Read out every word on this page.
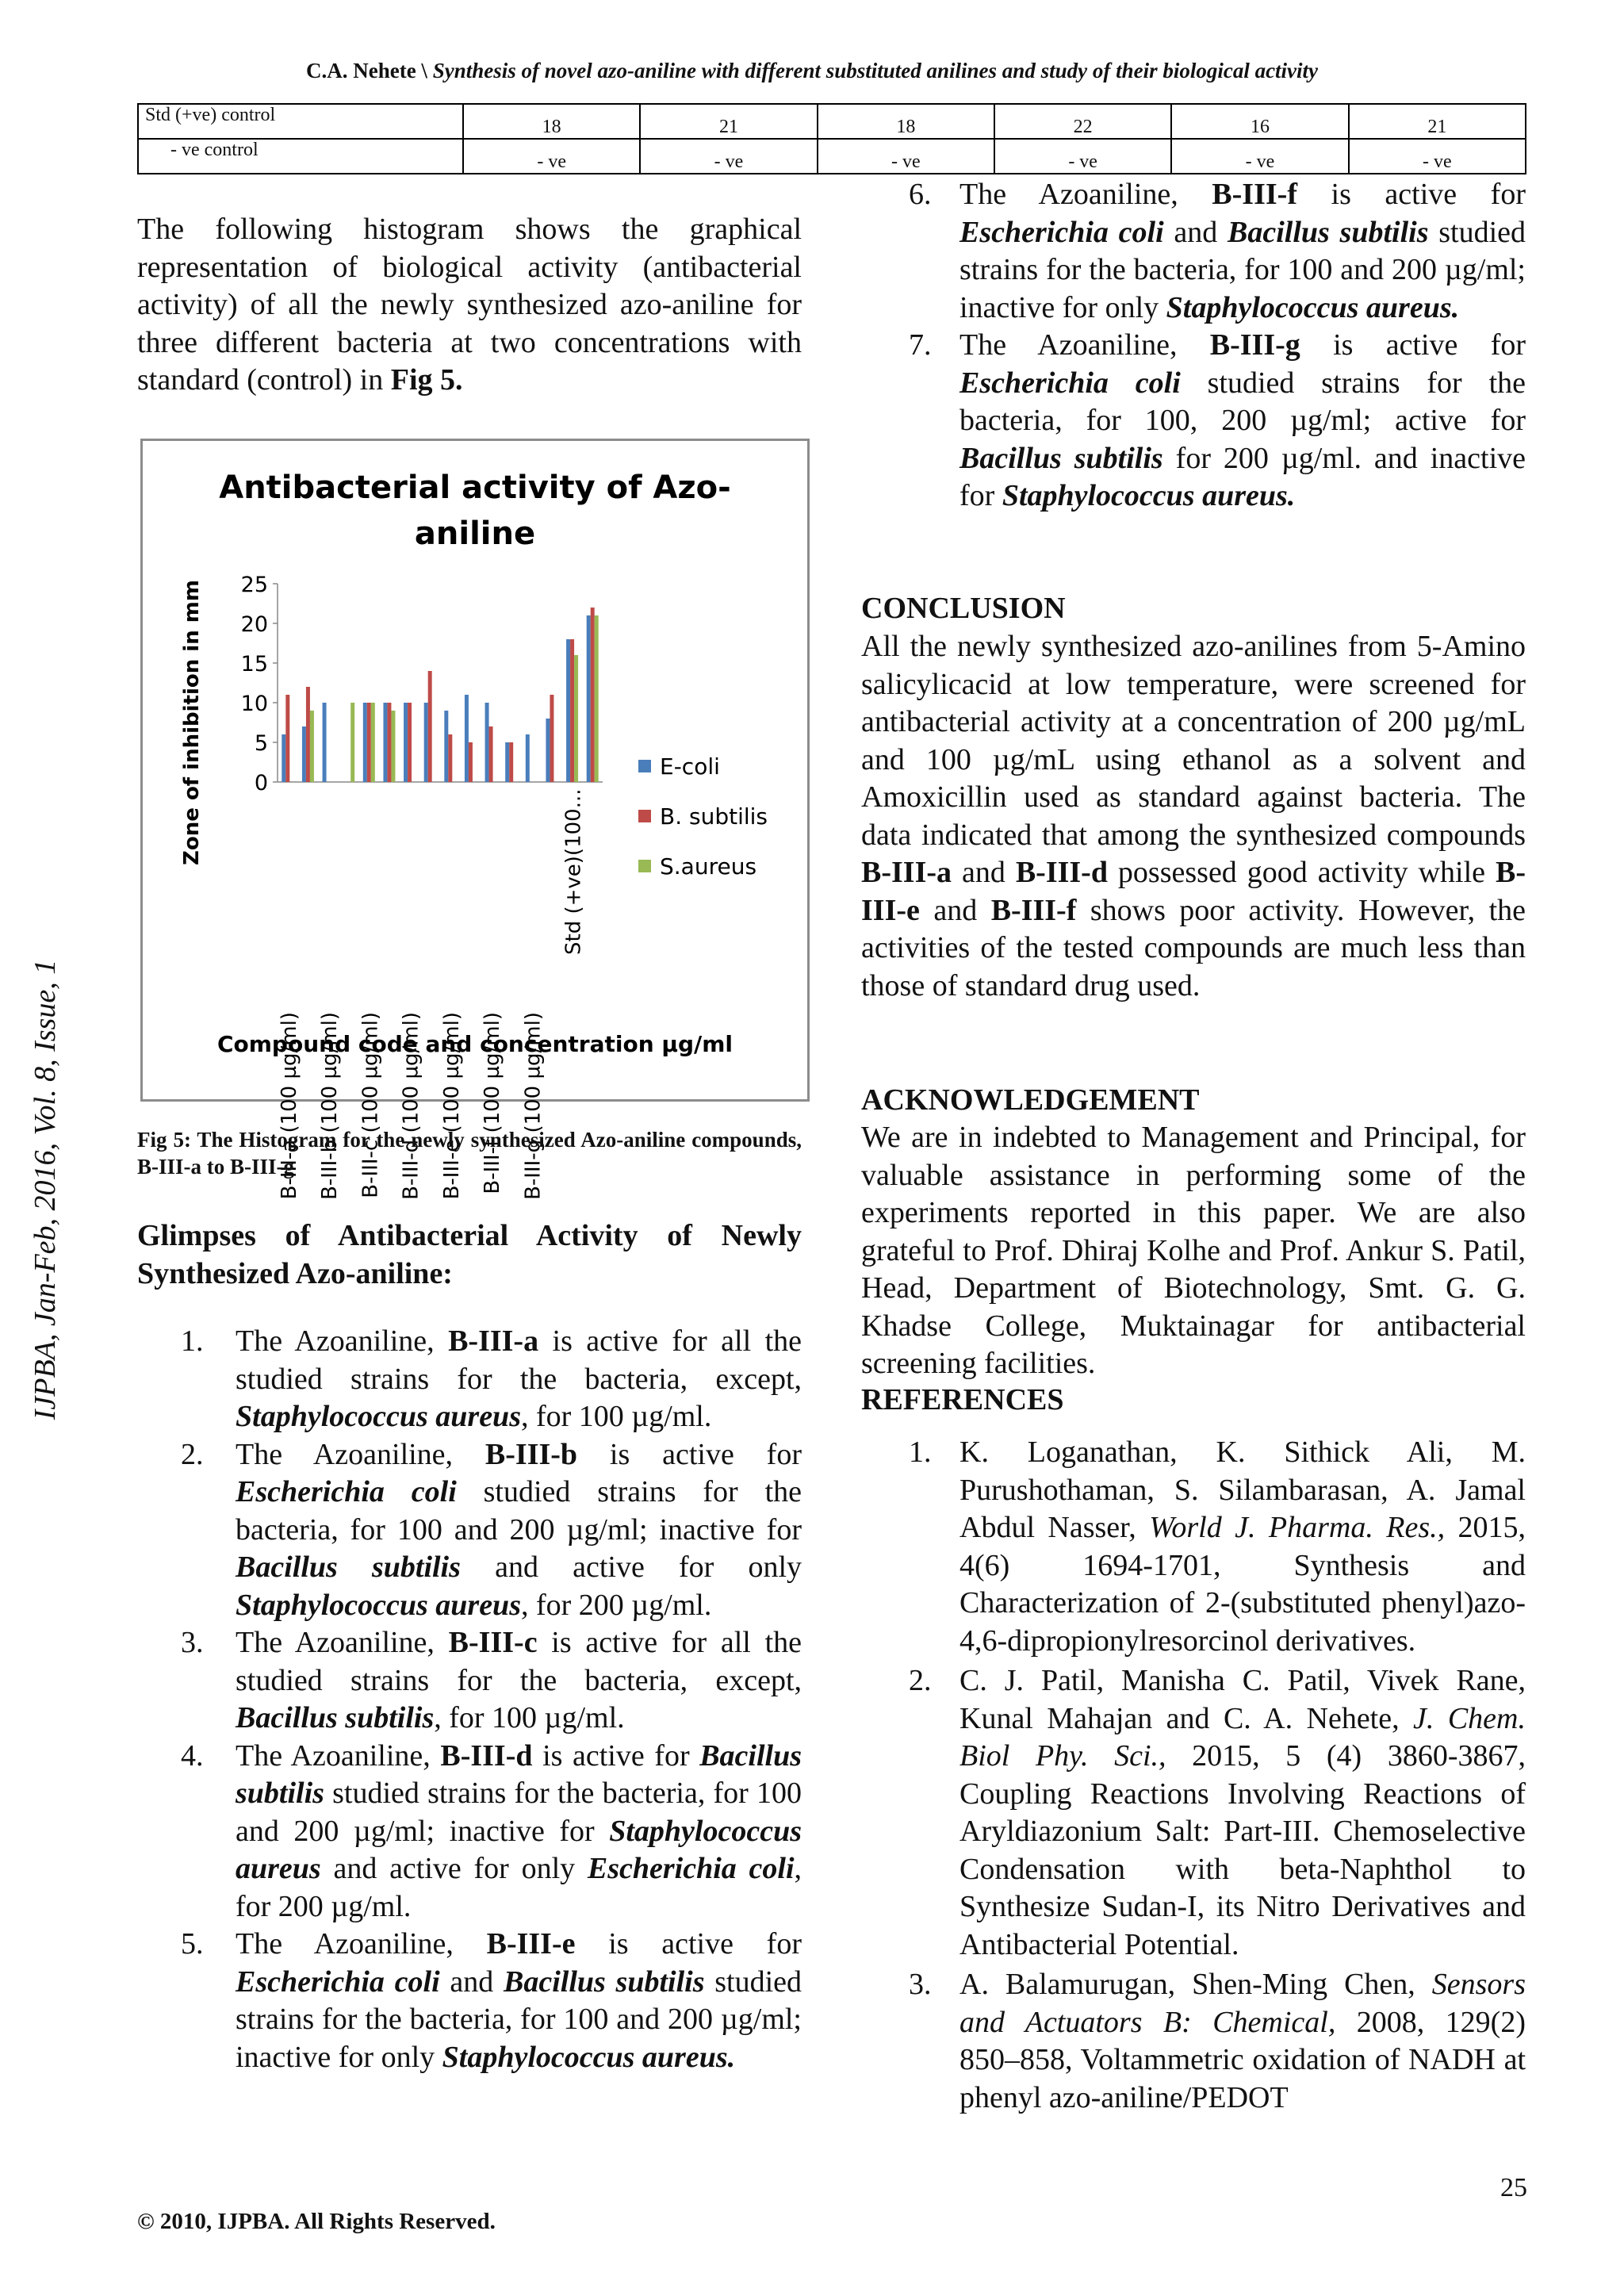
C.A. Nehete \ Synthesis of novel azo-aniline with different substituted anilines and study of their biological activity
Std (+ve) control	18	21	18	22	16	21
- ve control	- ve	- ve	- ve	- ve	- ve	- ve
The following histogram shows the graphical representation of biological activity (antibacterial activity) of all the newly synthesized azo-aniline for three different bacteria at two concentrations with standard (control) in Fig 5.
Antibacterial activity of Azo-
aniline
Zone of inhibition in mm
Compound code and concentration µg/ml
0
5
10
15
20
25
B-III-a (100 µg/ml) B-III-b (100 µg/ml) B-III-c (100 µg/ml) B-III-d (100 µg/ml) B-III-e (100 µg/ml) B-III-f (100 µg/ml) B-III-g (100 µg/ml)
Std (+ve)(100...
E-coli
B. subtilis
S.aureus
Fig 5: The Histogram for the newly synthesized Azo-aniline compounds, B-III-a to B-III-g
Glimpses of Antibacterial Activity of Newly Synthesized Azo-aniline:
1. The Azoaniline, B-III-a is active for all the studied strains for the bacteria, except, Staphylococcus aureus, for 100 µg/ml.
2. The Azoaniline, B-III-b is active for Escherichia coli studied strains for the bacteria, for 100 and 200 µg/ml; inactive for Bacillus subtilis and active for only Staphylococcus aureus, for 200 µg/ml.
3. The Azoaniline, B-III-c is active for all the studied strains for the bacteria, except, Bacillus subtilis, for 100 µg/ml.
4. The Azoaniline, B-III-d is active for Bacillus subtilis studied strains for the bacteria, for 100 and 200 µg/ml; inactive for Staphylococcus aureus and active for only Escherichia coli, for 200 µg/ml.
5. The Azoaniline, B-III-e is active for Escherichia coli and Bacillus subtilis studied strains for the bacteria, for 100 and 200 µg/ml; inactive for only Staphylococcus aureus.
6. The Azoaniline, B-III-f is active for Escherichia coli and Bacillus subtilis studied strains for the bacteria, for 100 and 200 µg/ml; inactive for only Staphylococcus aureus.
7. The Azoaniline, B-III-g is active for Escherichia coli studied strains for the bacteria, for 100, 200 µg/ml; active for Bacillus subtilis for 200 µg/ml. and inactive for Staphylococcus aureus.
CONCLUSION
All the newly synthesized azo-anilines from 5-Amino salicylicacid at low temperature, were screened for antibacterial activity at a concentration of 200 µg/mL and 100 µg/mL using ethanol as a solvent and Amoxicillin used as standard against bacteria. The data indicated that among the synthesized compounds B-III-a and B-III-d possessed good activity while B-III-e and B-III-f shows poor activity. However, the activities of the tested compounds are much less than those of standard drug used.
ACKNOWLEDGEMENT
We are in indebted to Management and Principal, for valuable assistance in performing some of the experiments reported in this paper. We are also grateful to Prof. Dhiraj Kolhe and Prof. Ankur S. Patil, Head, Department of Biotechnology, Smt. G. G. Khadse College, Muktainagar for antibacterial screening facilities.
REFERENCES
1. K. Loganathan, K. Sithick Ali, M. Purushothaman, S. Silambarasan, A. Jamal Abdul Nasser, World J. Pharma. Res., 2015, 4(6) 1694-1701, Synthesis and Characterization of 2-(substituted phenyl)azo-4,6-dipropionylresorcinol derivatives.
2. C. J. Patil, Manisha C. Patil, Vivek Rane, Kunal Mahajan and C. A. Nehete, J. Chem. Biol Phy. Sci., 2015, 5 (4) 3860-3867, Coupling Reactions Involving Reactions of Aryldiazonium Salt: Part-III. Chemoselective Condensation with beta-Naphthol to Synthesize Sudan-I, its Nitro Derivatives and Antibacterial Potential.
3. A. Balamurugan, Shen-Ming Chen, Sensors and Actuators B: Chemical, 2008, 129(2) 850–858, Voltammetric oxidation of NADH at phenyl azo-aniline/PEDOT
IJPBA, Jan-Feb, 2016, Vol. 8, Issue, 1
25
© 2010, IJPBA. All Rights Reserved.
